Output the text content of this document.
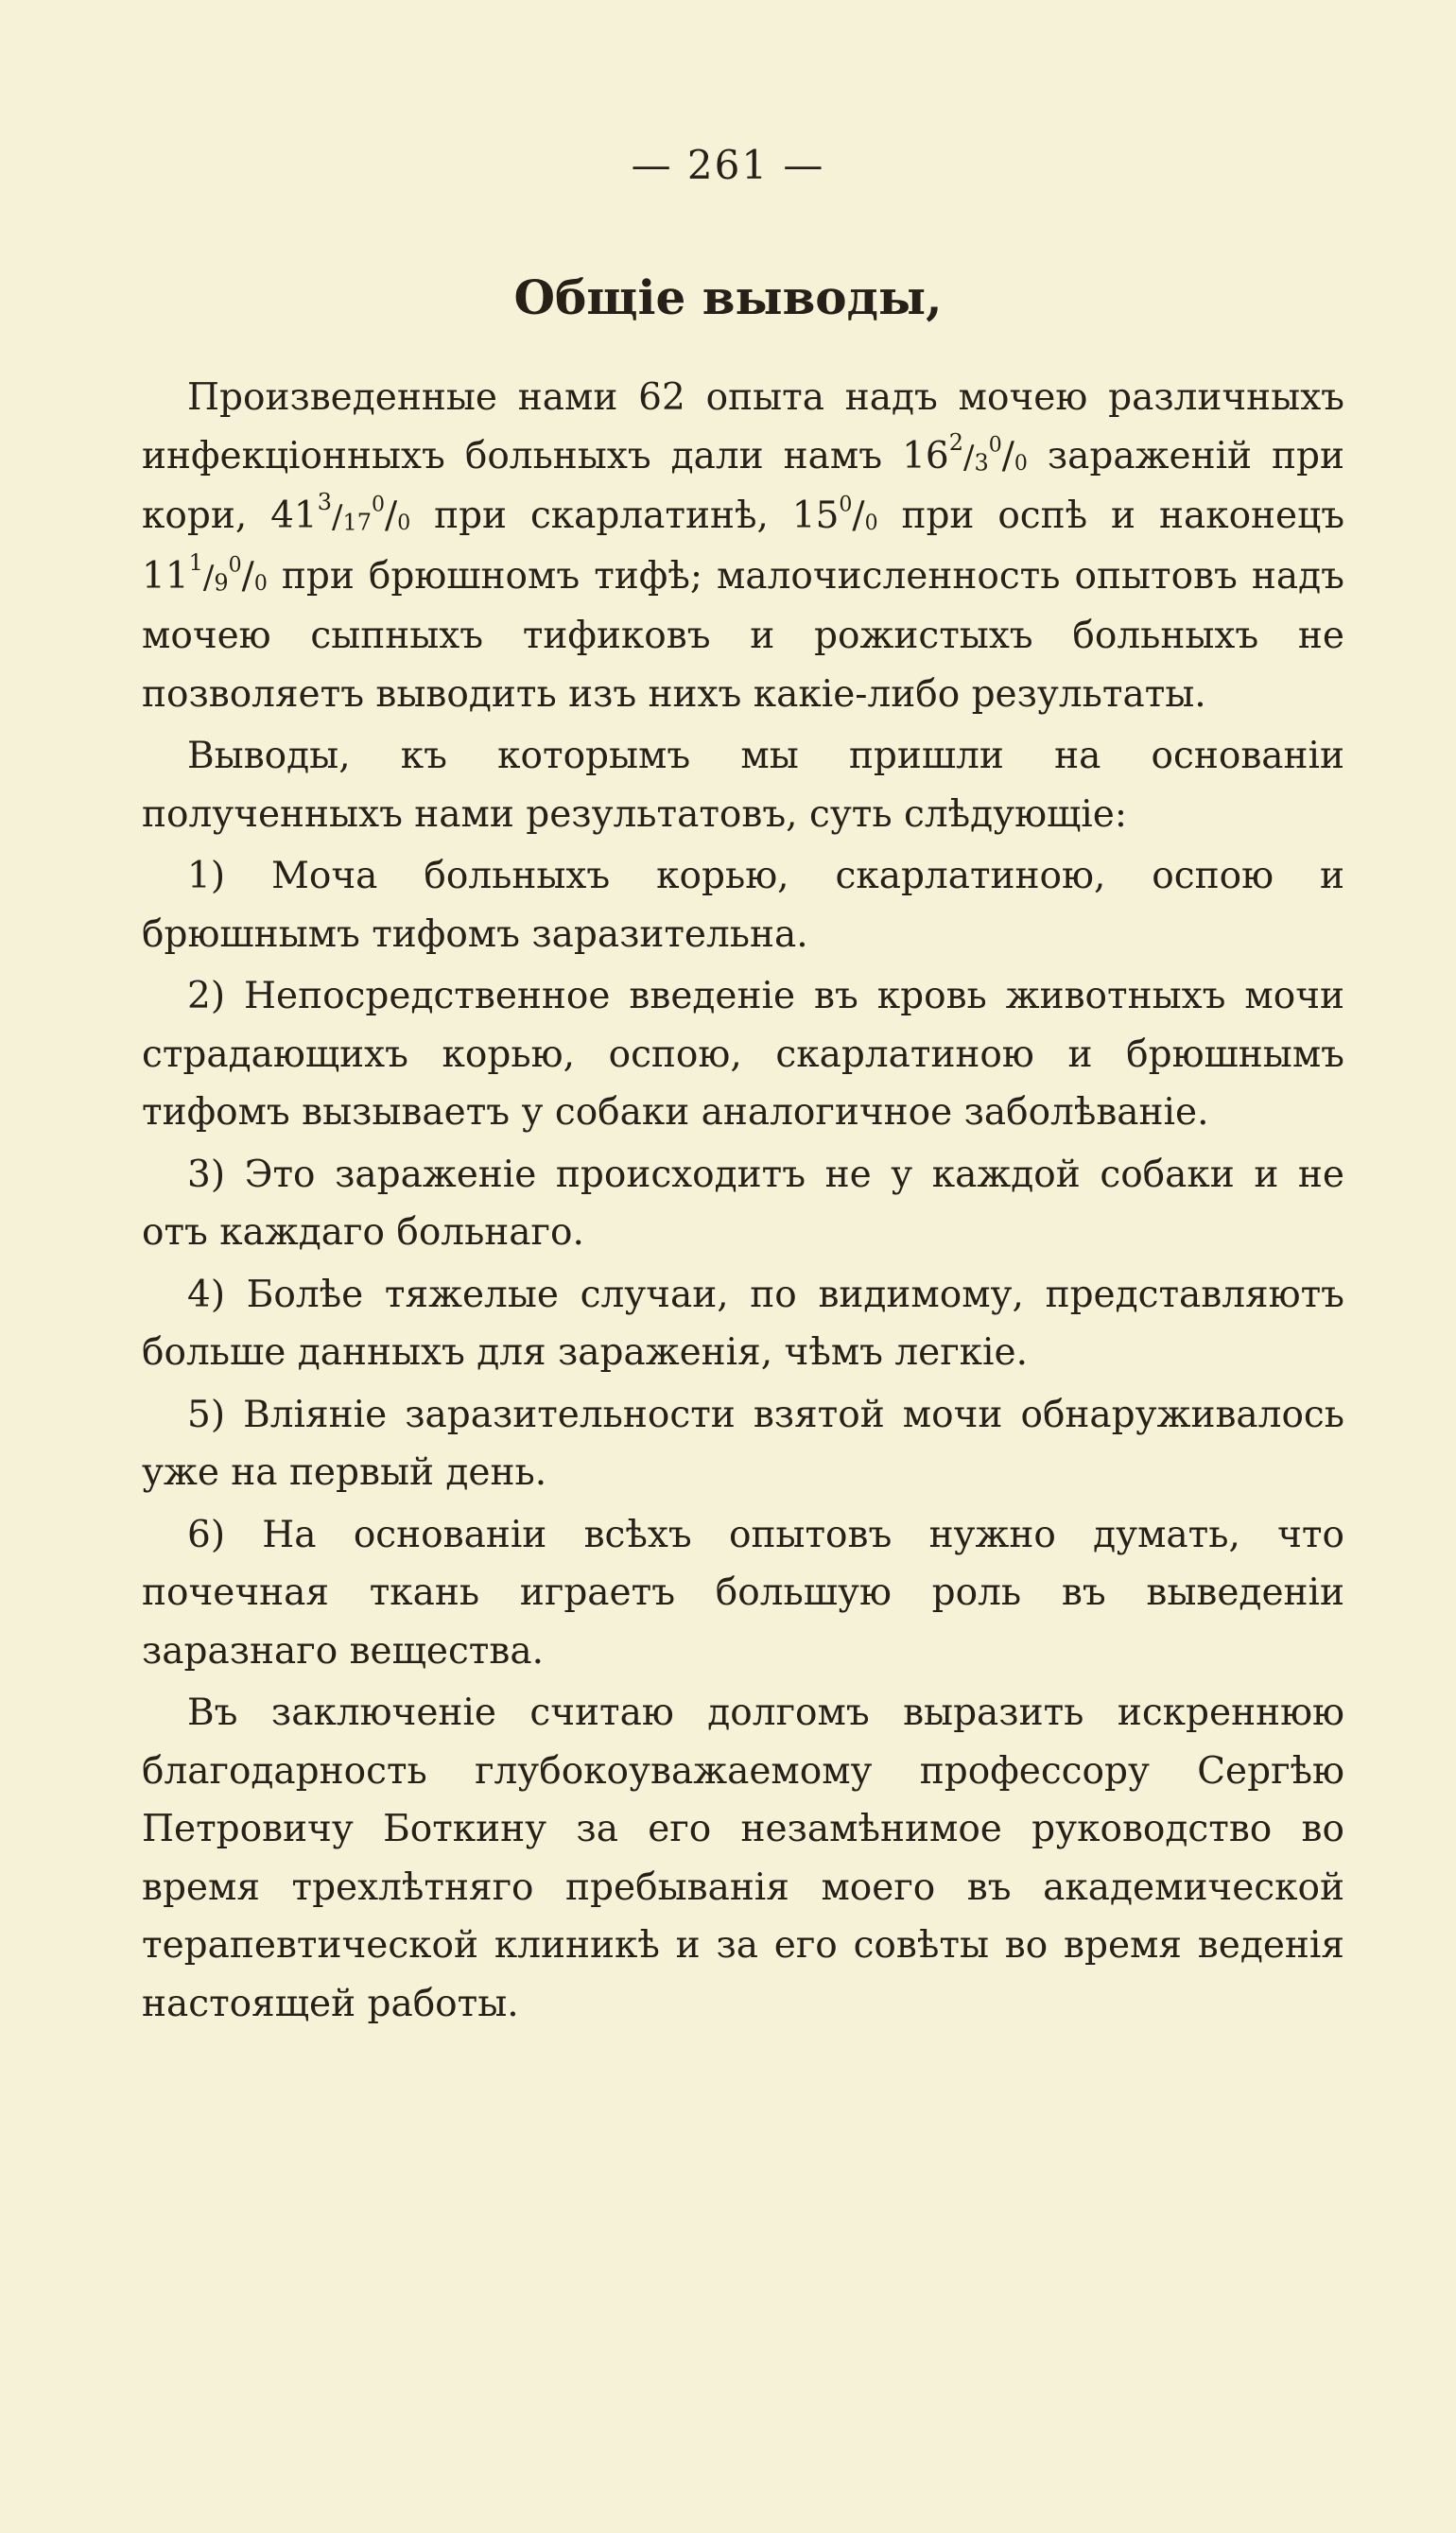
— 261 —
Общіе выводы,

Произведенные нами 62 опыта надъ мочею различныхъ инфекціонныхъ больныхъ дали намъ $16^2/_3^0/_0$ зараженій при кори, $41^3/_{17}^0/_0$ при скарлатинѣ, $15^0/_0$ при оспѣ и наконецъ $11^1/_9^0/_0$ при брюшномъ тифѣ; малочисленность опытовъ надъ мочею сыпныхъ тификовъ и рожистыхъ больныхъ не позволяетъ выводить изъ нихъ какіе-либо результаты.

Выводы, къ которымъ мы пришли на основаніи полученныхъ нами результатовъ, суть слѣдующіе:

1) Моча больныхъ корью, скарлатиною, оспою и брюшнымъ тифомъ заразительна.

2) Непосредственное введеніе въ кровь животныхъ мочи страдающихъ корью, оспою, скарлатиною и брюшнымъ тифомъ вызываетъ у собаки аналогичное заболѣваніе.

3) Это зараженіе происходитъ не у каждой собаки и не отъ каждаго больнаго.

4) Болѣе тяжелые случаи, по видимому, представляютъ больше данныхъ для зараженія, чѣмъ легкіе.

5) Вліяніе заразительности взятой мочи обнаруживалось уже на первый день.

6) На основаніи всѣхъ опытовъ нужно думать, что почечная ткань играетъ большую роль въ выведеніи заразнаго вещества.

Въ заключеніе считаю долгомъ выразить искреннюю благодарность глубокоуважаемому профессору Сергѣю Петровичу Боткину за его незамѣнимое руководство во время трехлѣтняго пребыванія моего въ академической терапевтической клиникѣ и за его совѣты во время веденія настоящей работы.
